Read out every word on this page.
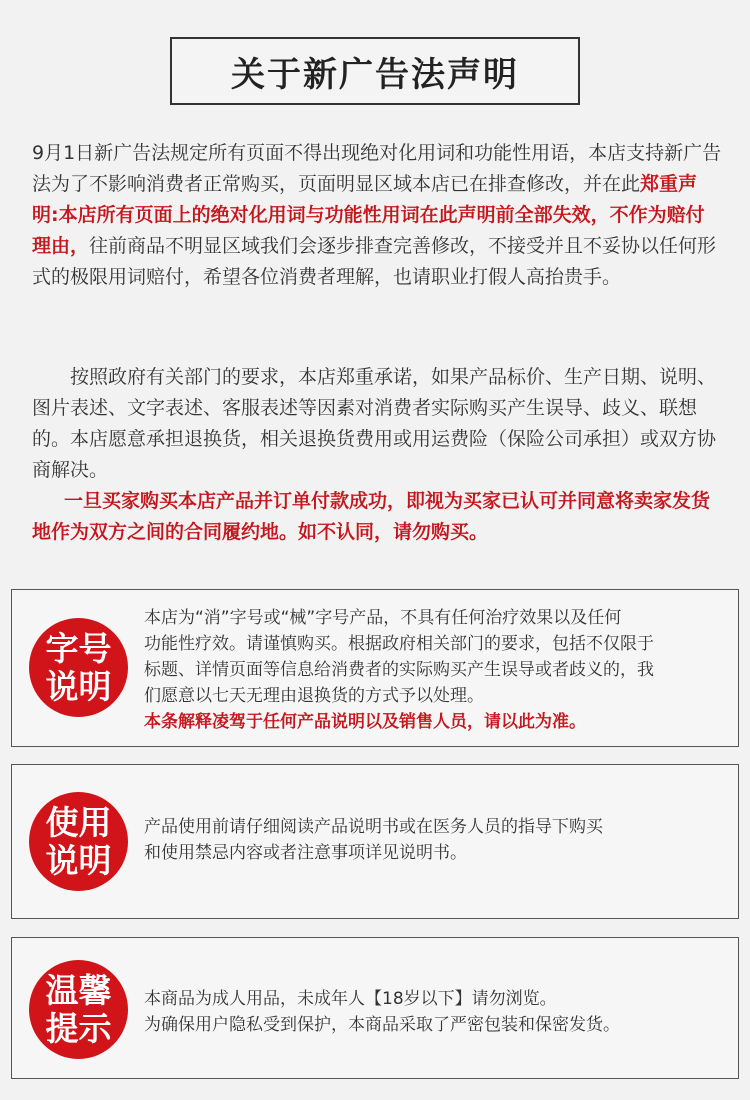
关于新广告法声明

9月1日新广告法规定所有页面不得出现绝对化用词和功能性用语，本店支持新广告法为了不影响消费者正常购买，页面明显区域本店已在排查修改，并在此郑重声明:本店所有页面上的绝对化用词与功能性用词在此声明前全部失效，不作为赔付理由，往前商品不明显区域我们会逐步排查完善修改，不接受并且不妥协以任何形式的极限用词赔付，希望各位消费者理解，也请职业打假人高抬贵手。

按照政府有关部门的要求，本店郑重承诺，如果产品标价、生产日期、说明、图片表述、文字表述、客服表述等因素对消费者实际购买产生误导、歧义、联想的。本店愿意承担退换货，相关退换货费用或用运费险（保险公司承担）或双方协商解决。
一旦买家购买本店产品并订单付款成功，即视为买家已认可并同意将卖家发货地作为双方之间的合同履约地。如不认同，请勿购买。

字号
说明

本店为“消”字号或“械”字号产品，不具有任何治疗效果以及任何
功能性疗效。请谨慎购买。根据政府相关部门的要求，包括不仅限于
标题、详情页面等信息给消费者的实际购买产生误导或者歧义的，我
们愿意以七天无理由退换货的方式予以处理。
本条解释凌驾于任何产品说明以及销售人员，请以此为准。

使用
说明

产品使用前请仔细阅读产品说明书或在医务人员的指导下购买
和使用禁忌内容或者注意事项详见说明书。

温馨
提示

本商品为成人用品，未成年人【18岁以下】请勿浏览。
为确保用户隐私受到保护，本商品采取了严密包装和保密发货。
